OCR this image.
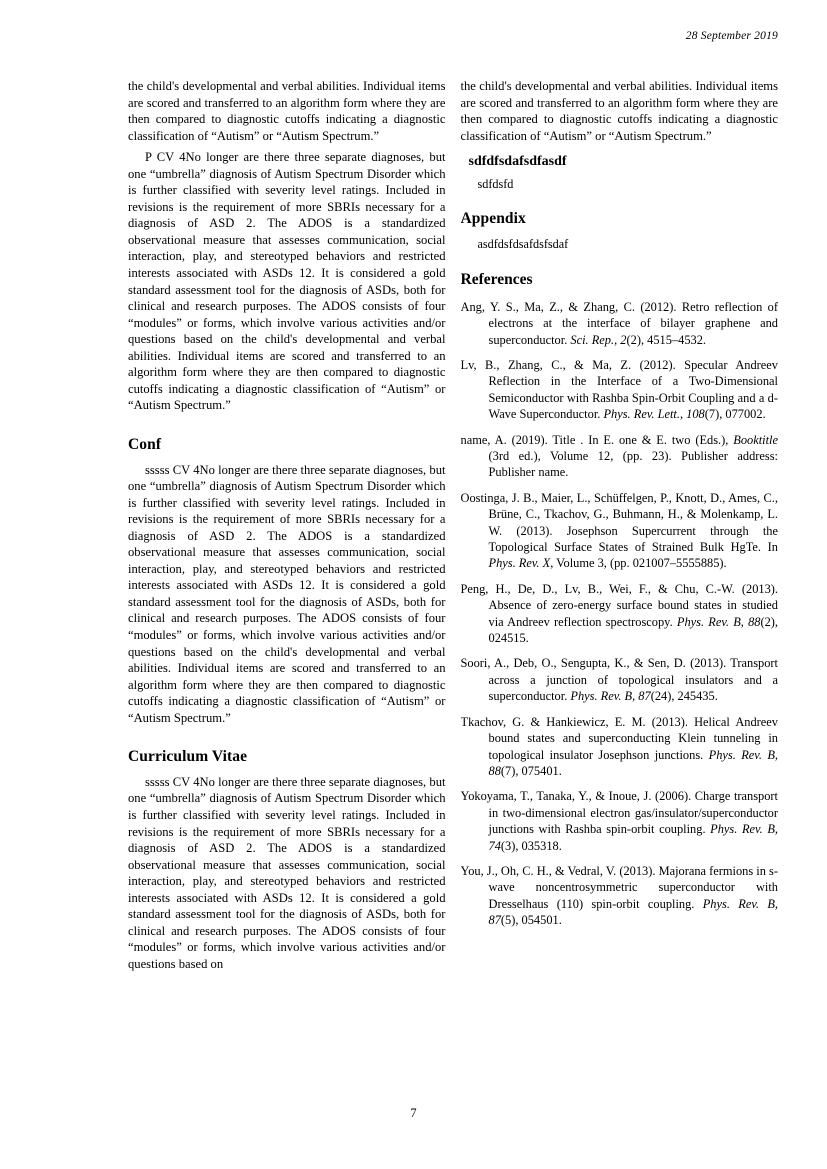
28 September 2019

the child's developmental and verbal abilities. Individual items are scored and transferred to an algorithm form where they are then compared to diagnostic cutoffs indicating a diagnostic classification of “Autism” or “Autism Spectrum.”

P CV 4No longer are there three separate diagnoses, but one “umbrella” diagnosis of Autism Spectrum Disorder which is further classified with severity level ratings. Included in revisions is the requirement of more SBRIs necessary for a diagnosis of ASD 2. The ADOS is a standardized observational measure that assesses communication, social interaction, play, and stereotyped behaviors and restricted interests associated with ASDs 12. It is considered a gold standard assessment tool for the diagnosis of ASDs, both for clinical and research purposes. The ADOS consists of four “modules” or forms, which involve various activities and/or questions based on the child's developmental and verbal abilities. Individual items are scored and transferred to an algorithm form where they are then compared to diagnostic cutoffs indicating a diagnostic classification of “Autism” or “Autism Spectrum.”

Conf

sssss CV 4No longer are there three separate diagnoses, but one “umbrella” diagnosis of Autism Spectrum Disorder which is further classified with severity level ratings. Included in revisions is the requirement of more SBRIs necessary for a diagnosis of ASD 2. The ADOS is a standardized observational measure that assesses communication, social interaction, play, and stereotyped behaviors and restricted interests associated with ASDs 12. It is considered a gold standard assessment tool for the diagnosis of ASDs, both for clinical and research purposes. The ADOS consists of four “modules” or forms, which involve various activities and/or questions based on the child's developmental and verbal abilities. Individual items are scored and transferred to an algorithm form where they are then compared to diagnostic cutoffs indicating a diagnostic classification of “Autism” or “Autism Spectrum.”

Curriculum Vitae

sssss CV 4No longer are there three separate diagnoses, but one “umbrella” diagnosis of Autism Spectrum Disorder which is further classified with severity level ratings. Included in revisions is the requirement of more SBRIs necessary for a diagnosis of ASD 2. The ADOS is a standardized observational measure that assesses communication, social interaction, play, and stereotyped behaviors and restricted interests associated with ASDs 12. It is considered a gold standard assessment tool for the diagnosis of ASDs, both for clinical and research purposes. The ADOS consists of four “modules” or forms, which involve various activities and/or questions based on

the child's developmental and verbal abilities. Individual items are scored and transferred to an algorithm form where they are then compared to diagnostic cutoffs indicating a diagnostic classification of “Autism” or “Autism Spectrum.”

sdfdfsdafsdfasdf

sdfdsfd

Appendix

asdfdsfdsafdsfsdaf

References
Ang, Y. S., Ma, Z., & Zhang, C. (2012). Retro reflection of electrons at the interface of bilayer graphene and superconductor. Sci. Rep., 2(2), 4515–4532.
Lv, B., Zhang, C., & Ma, Z. (2012). Specular Andreev Reflection in the Interface of a Two-Dimensional Semiconductor with Rashba Spin-Orbit Coupling and a d-Wave Superconductor. Phys. Rev. Lett., 108(7), 077002.
name, A. (2019). Title . In E. one & E. two (Eds.), Booktitle (3rd ed.), Volume 12, (pp. 23). Publisher address: Publisher name.
Oostinga, J. B., Maier, L., Schüffelgen, P., Knott, D., Ames, C., Brüne, C., Tkachov, G., Buhmann, H., & Molenkamp, L. W. (2013). Josephson Supercurrent through the Topological Surface States of Strained Bulk HgTe. In Phys. Rev. X, Volume 3, (pp. 021007–5555885).
Peng, H., De, D., Lv, B., Wei, F., & Chu, C.-W. (2013). Absence of zero-energy surface bound states in studied via Andreev reflection spectroscopy. Phys. Rev. B, 88(2), 024515.
Soori, A., Deb, O., Sengupta, K., & Sen, D. (2013). Transport across a junction of topological insulators and a superconductor. Phys. Rev. B, 87(24), 245435.
Tkachov, G. & Hankiewicz, E. M. (2013). Helical Andreev bound states and superconducting Klein tunneling in topological insulator Josephson junctions. Phys. Rev. B, 88(7), 075401.
Yokoyama, T., Tanaka, Y., & Inoue, J. (2006). Charge transport in two-dimensional electron gas/insulator/superconductor junctions with Rashba spin-orbit coupling. Phys. Rev. B, 74(3), 035318.
You, J., Oh, C. H., & Vedral, V. (2013). Majorana fermions in s-wave noncentrosymmetric superconductor with Dresselhaus (110) spin-orbit coupling. Phys. Rev. B, 87(5), 054501.
7
